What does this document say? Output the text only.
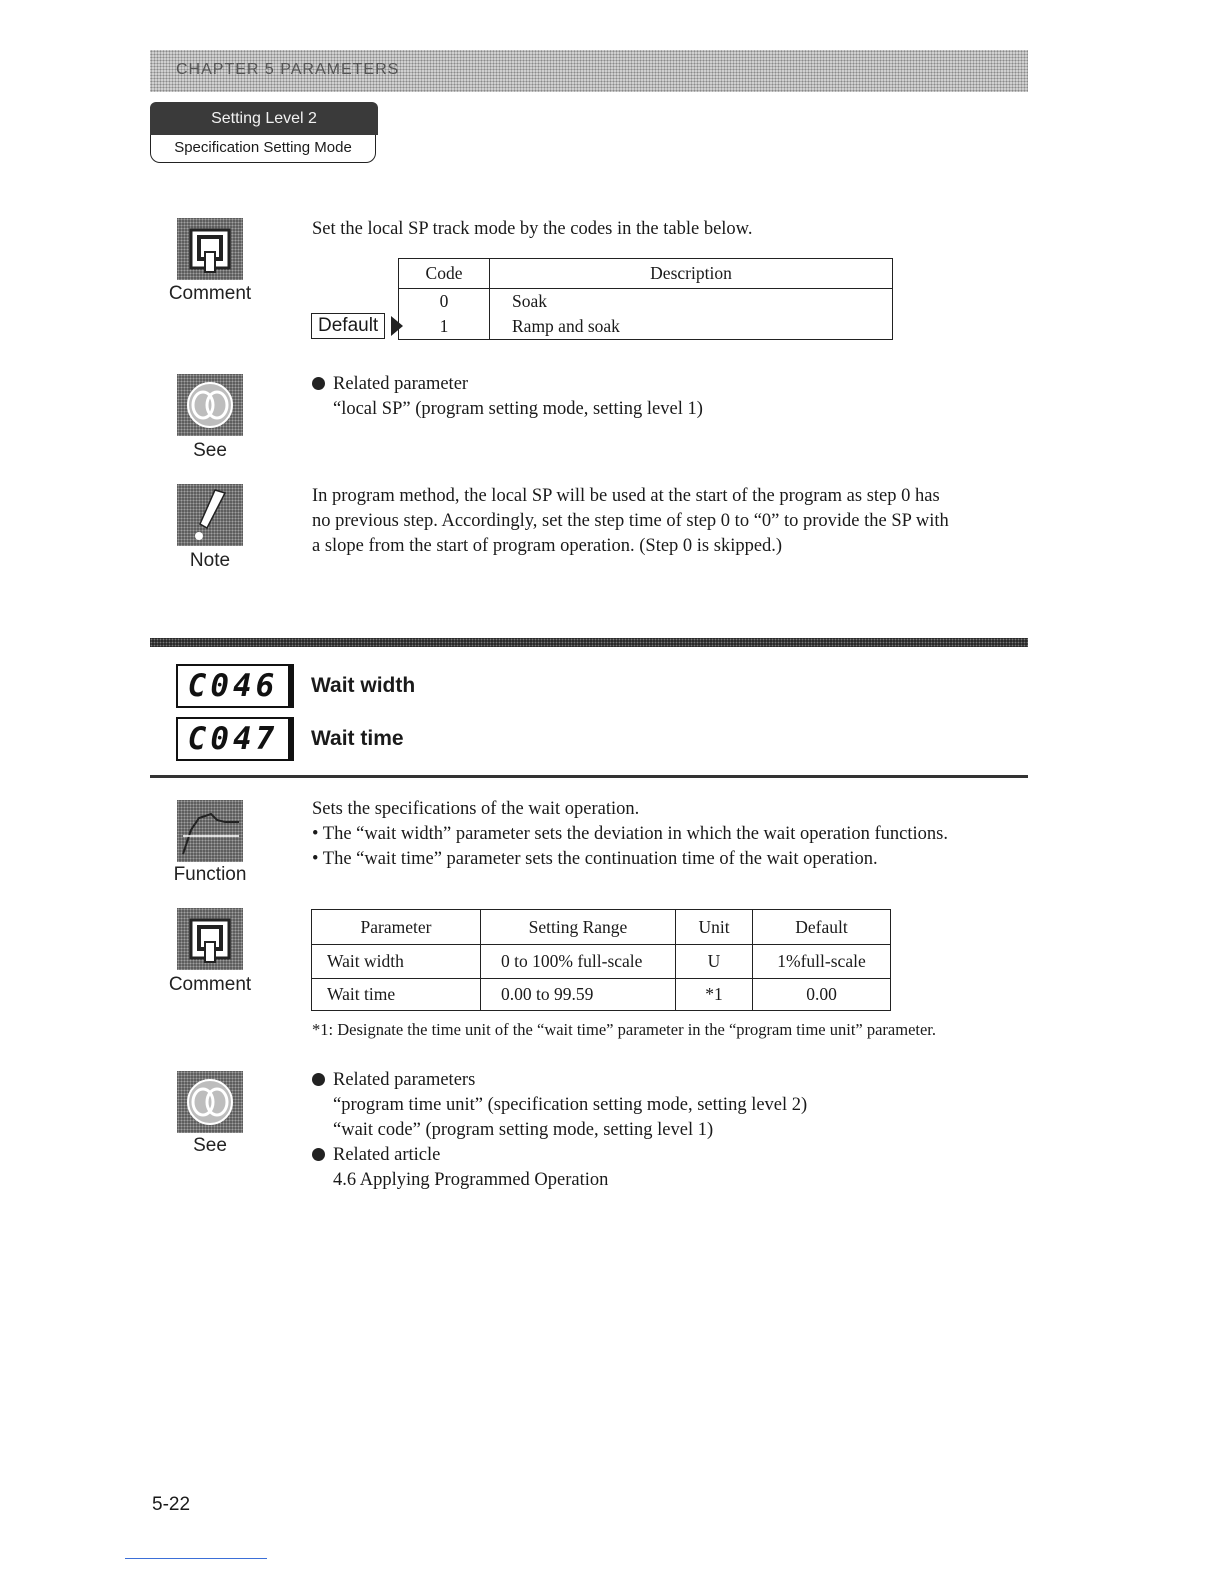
CHAPTER 5 PARAMETERS
Setting Level 2
Specification Setting Mode
Comment
Set the local SP track mode by the codes in the table below.
Default
Code	Description
0	Soak
1	Ramp and soak
See
Related parameter
“local SP” (program setting mode, setting level 1)
Note
In program method, the local SP will be used at the start of the program as step 0 has
no previous step. Accordingly, set the step time of step 0 to “0” to provide the SP with
a slope from the start of program operation. (Step 0 is skipped.)
C046	Wait width
C047	Wait time
Function
Sets the specifications of the wait operation.
• The “wait width” parameter sets the deviation in which the wait operation functions.
• The “wait time” parameter sets the continuation time of the wait operation.
Comment
Parameter	Setting Range	Unit	Default
Wait width	0 to 100% full-scale	U	1%full-scale
Wait time	0.00 to 99.59	*1	0.00
*1: Designate the time unit of the “wait time” parameter in the “program time unit” parameter.
See
Related parameters
“program time unit” (specification setting mode, setting level 2)
“wait code” (program setting mode, setting level 1)
Related article
4.6 Applying Programmed Operation
5-22
